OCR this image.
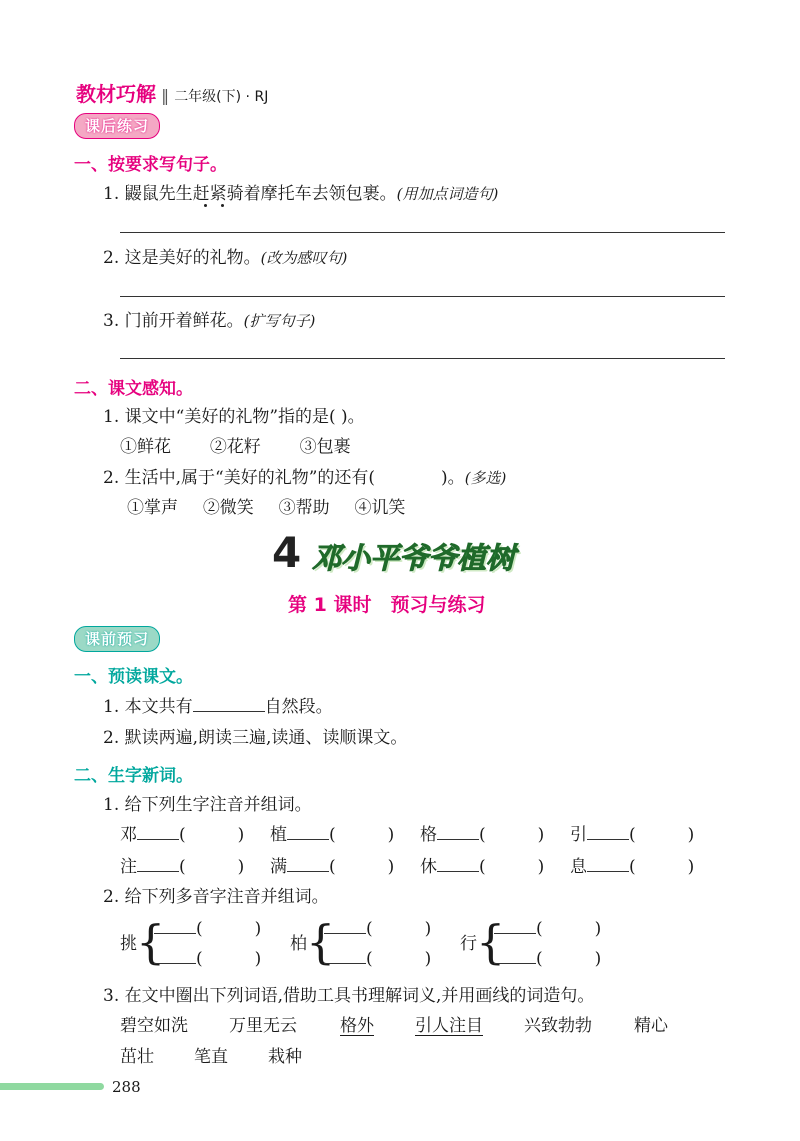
教材巧解 ‖ 二年级(下) · RJ
课后练习
一、按要求写句子。
1. 鼹鼠先生赶紧骑着摩托车去领包裹。(用加点词造句)
2. 这是美好的礼物。(改为感叹句)
3. 门前开着鲜花。(扩写句子)
二、课文感知。
1. 课文中“美好的礼物”指的是( )。
①鲜花 ②花籽 ③包裹
2. 生活中,属于“美好的礼物”的还有(	)。(多选)
①掌声 ②微笑 ③帮助 ④讥笑
4 邓小平爷爷植树
第 1 课时　预习与练习
课前预习
一、预读课文。
1. 本文共有	自然段。
2. 默读两遍,朗读三遍,读通、读顺课文。
二、生字新词。
1. 给下列生字注音并组词。
邓 (	) 植 (	) 格 (	) 引 (	)
注 (	) 满 (	) 休 (	) 息 (	)
2. 给下列多音字注音并组词。
挑 {	(	)
(	)
柏 {	(	)
(	)
行 {	(	)
(	)
3. 在文中圈出下列词语,借助工具书理解词义,并用画线的词造句。
碧空如洗 万里无云	格外 引人注目 兴致勃勃 精心
茁壮 笔直 栽种
288
